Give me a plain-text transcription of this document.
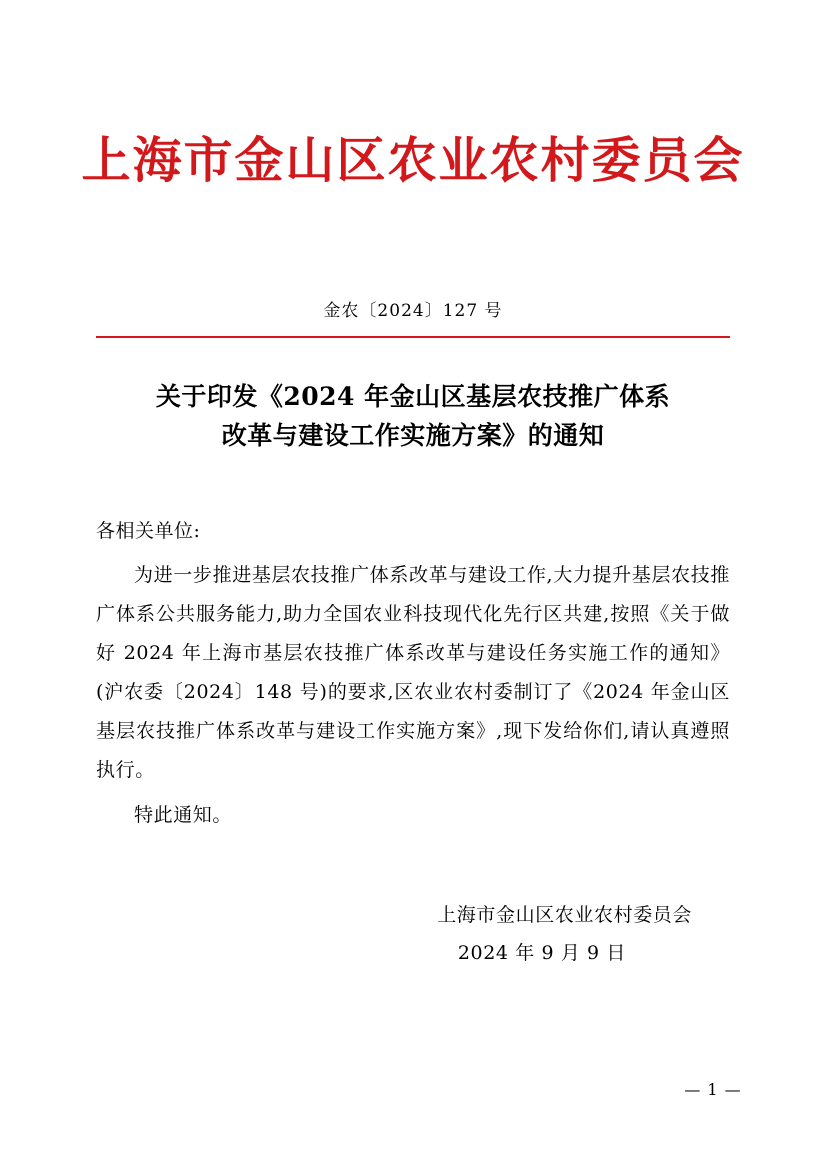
上海市金山区农业农村委员会
金农〔2024〕127 号
关于印发《2024 年金山区基层农技推广体系
改革与建设工作实施方案》的通知
各相关单位:

为进一步推进基层农技推广体系改革与建设工作,大力提升基层农技推广体系公共服务能力,助力全国农业科技现代化先行区共建,按照《关于做好 2024 年上海市基层农技推广体系改革与建设任务实施工作的通知》(沪农委〔2024〕148 号)的要求,区农业农村委制订了《2024 年金山区基层农技推广体系改革与建设工作实施方案》,现下发给你们,请认真遵照执行。

特此通知。

上海市金山区农业农村委员会
2024 年 9 月 9 日
— 1 —
